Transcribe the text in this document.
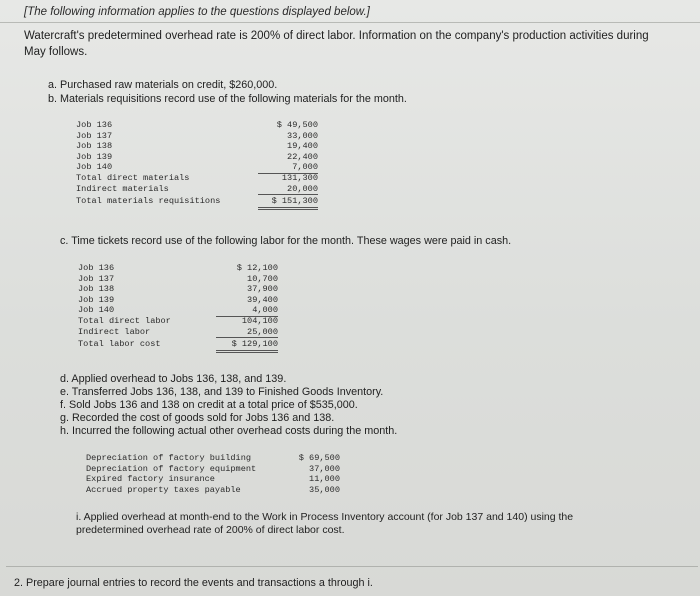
[The following information applies to the questions displayed below.]
Watercraft's predetermined overhead rate is 200% of direct labor. Information on the company's production activities during May follows.
a. Purchased raw materials on credit, $260,000.
b. Materials requisitions record use of the following materials for the month.
Job 136	$ 49,500
Job 137	33,000
Job 138	19,400
Job 139	22,400
Job 140	7,000
Total direct materials	131,300
Indirect materials	20,000
Total materials requisitions	$ 151,300
c. Time tickets record use of the following labor for the month. These wages were paid in cash.
Job 136	$ 12,100
Job 137	10,700
Job 138	37,900
Job 139	39,400
Job 140	4,000
Total direct labor	104,100
Indirect labor	25,000
Total labor cost	$ 129,100
d. Applied overhead to Jobs 136, 138, and 139.
e. Transferred Jobs 136, 138, and 139 to Finished Goods Inventory.
f. Sold Jobs 136 and 138 on credit at a total price of $535,000.
g. Recorded the cost of goods sold for Jobs 136 and 138.
h. Incurred the following actual other overhead costs during the month.
Depreciation of factory building	$ 69,500
Depreciation of factory equipment	37,000
Expired factory insurance	11,000
Accrued property taxes payable	35,000
i. Applied overhead at month-end to the Work in Process Inventory account (for Job 137 and 140) using the predetermined overhead rate of 200% of direct labor cost.
2. Prepare journal entries to record the events and transactions a through i.
